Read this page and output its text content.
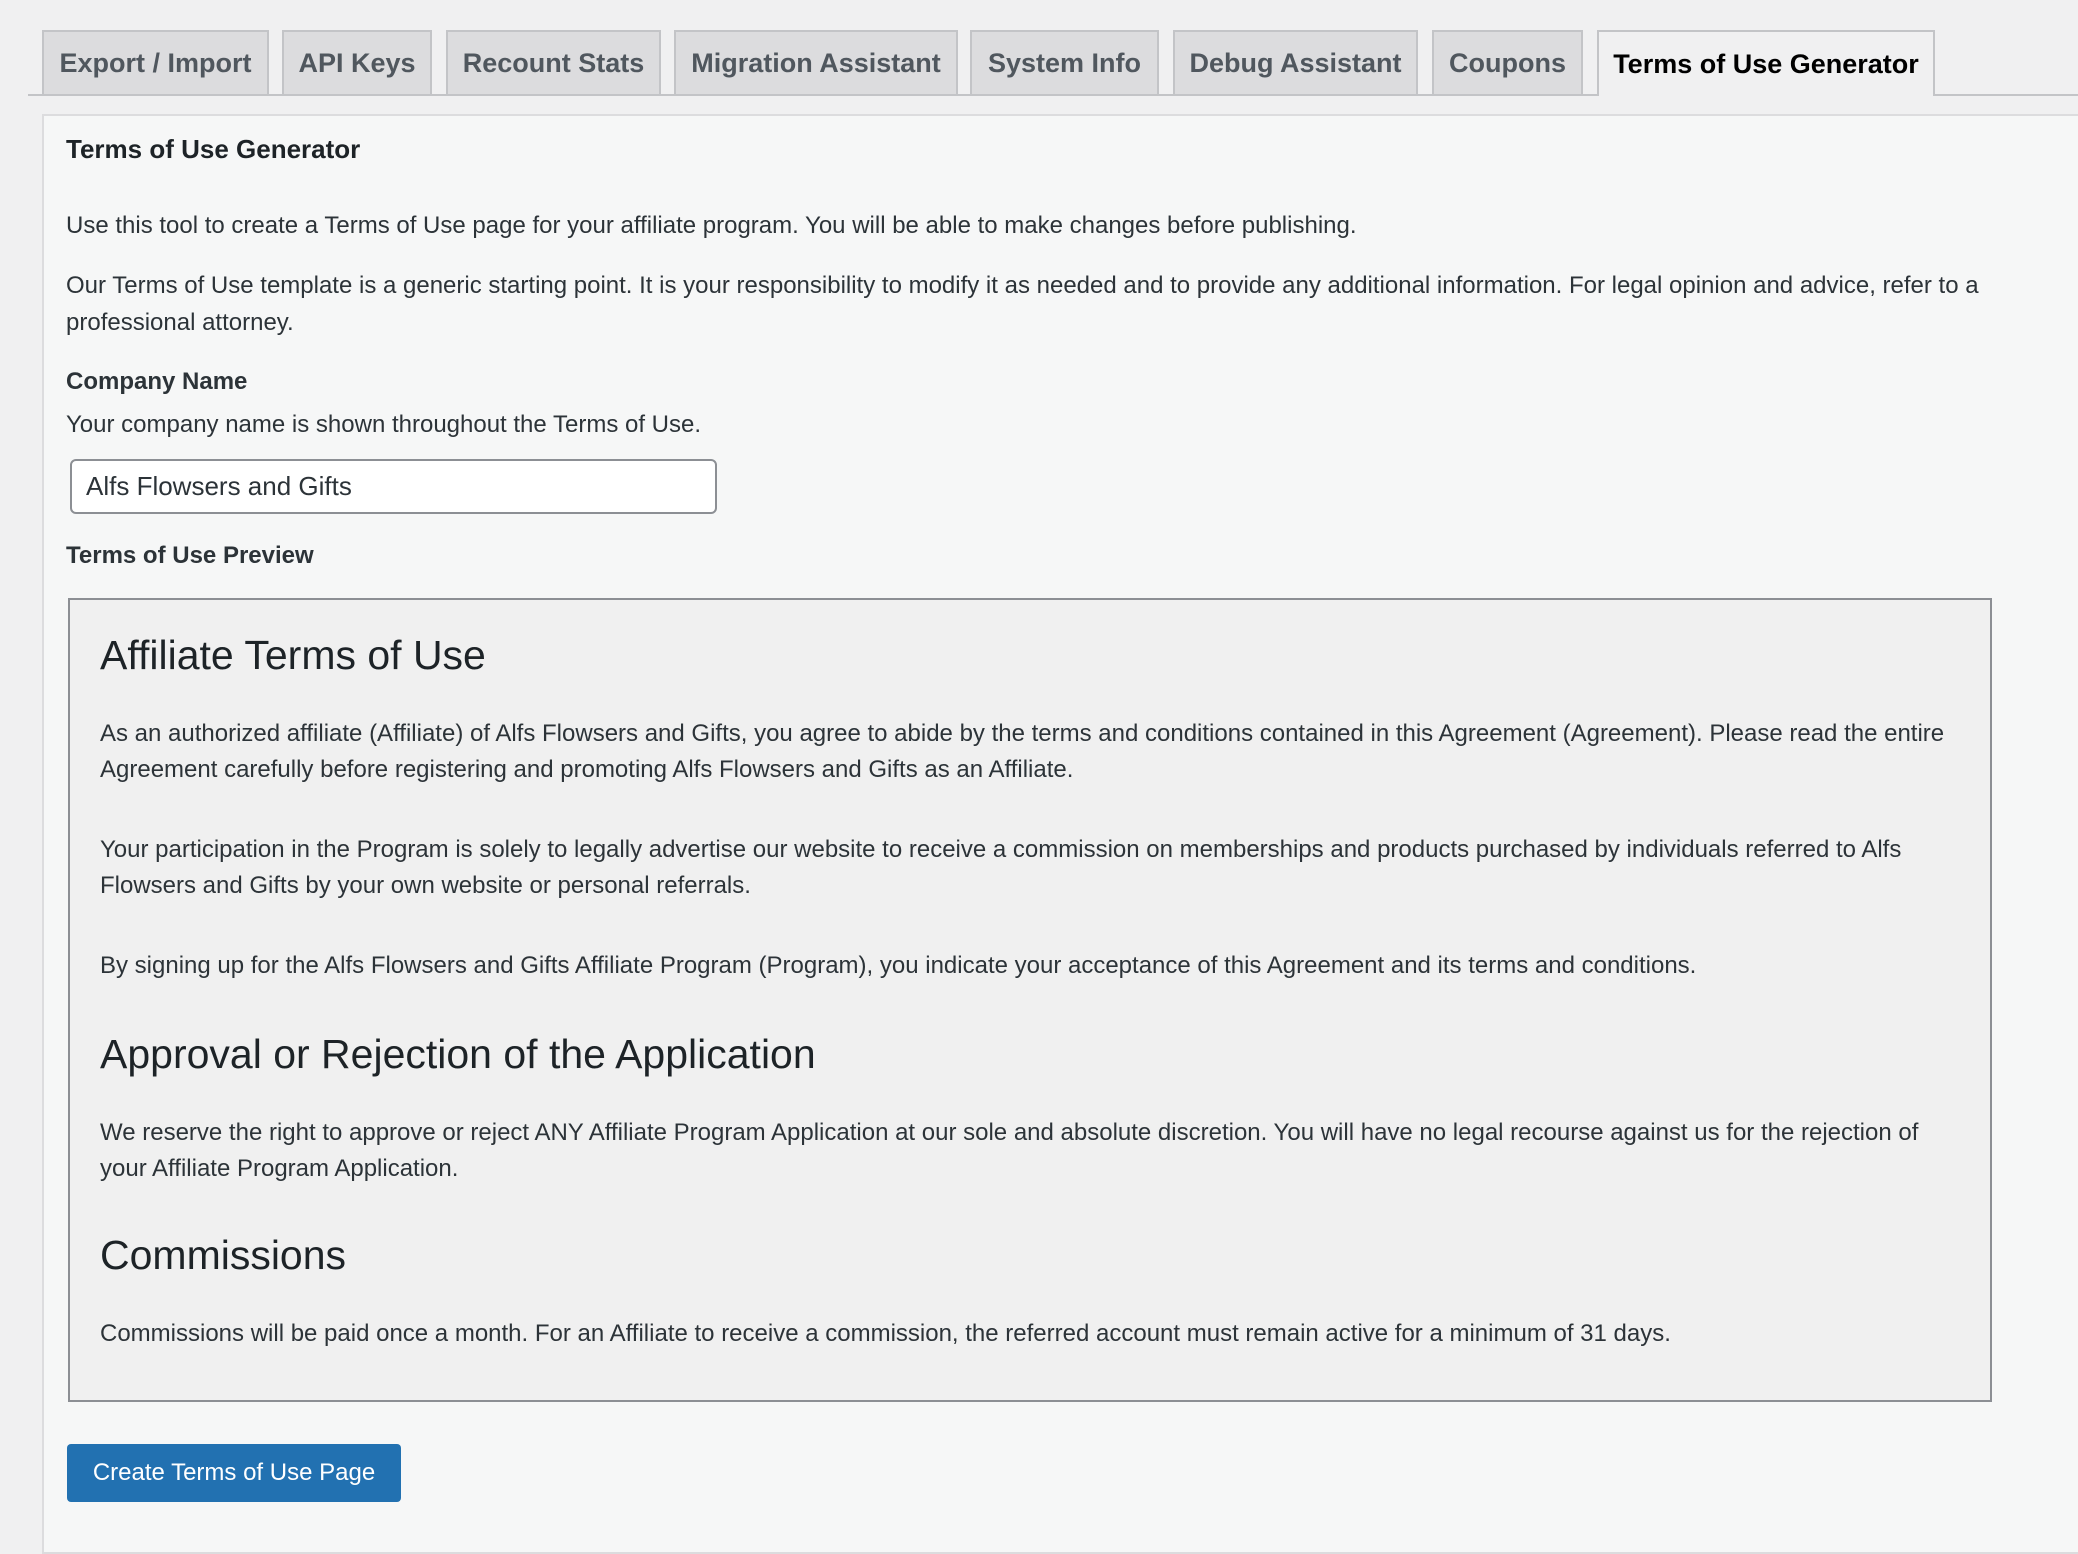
Export / Import	API Keys	Recount Stats	Migration Assistant	System Info	Debug Assistant	Coupons	Terms of Use Generator
Terms of Use Generator
Use this tool to create a Terms of Use page for your affiliate program. You will be able to make changes before publishing.
Our Terms of Use template is a generic starting point. It is your responsibility to modify it as needed and to provide any additional information. For legal opinion and advice, refer to a professional attorney.
Company Name
Your company name is shown throughout the Terms of Use.
Alfs Flowsers and Gifts
Terms of Use Preview
Affiliate Terms of Use

As an authorized affiliate (Affiliate) of Alfs Flowsers and Gifts, you agree to abide by the terms and conditions contained in this Agreement (Agreement). Please read the entire Agreement carefully before registering and promoting Alfs Flowsers and Gifts as an Affiliate.

Your participation in the Program is solely to legally advertise our website to receive a commission on memberships and products purchased by individuals referred to Alfs Flowsers and Gifts by your own website or personal referrals.

By signing up for the Alfs Flowsers and Gifts Affiliate Program (Program), you indicate your acceptance of this Agreement and its terms and conditions.

Approval or Rejection of the Application

We reserve the right to approve or reject ANY Affiliate Program Application at our sole and absolute discretion. You will have no legal recourse against us for the rejection of your Affiliate Program Application.

Commissions

Commissions will be paid once a month. For an Affiliate to receive a commission, the referred account must remain active for a minimum of 31 days.

Create Terms of Use Page
